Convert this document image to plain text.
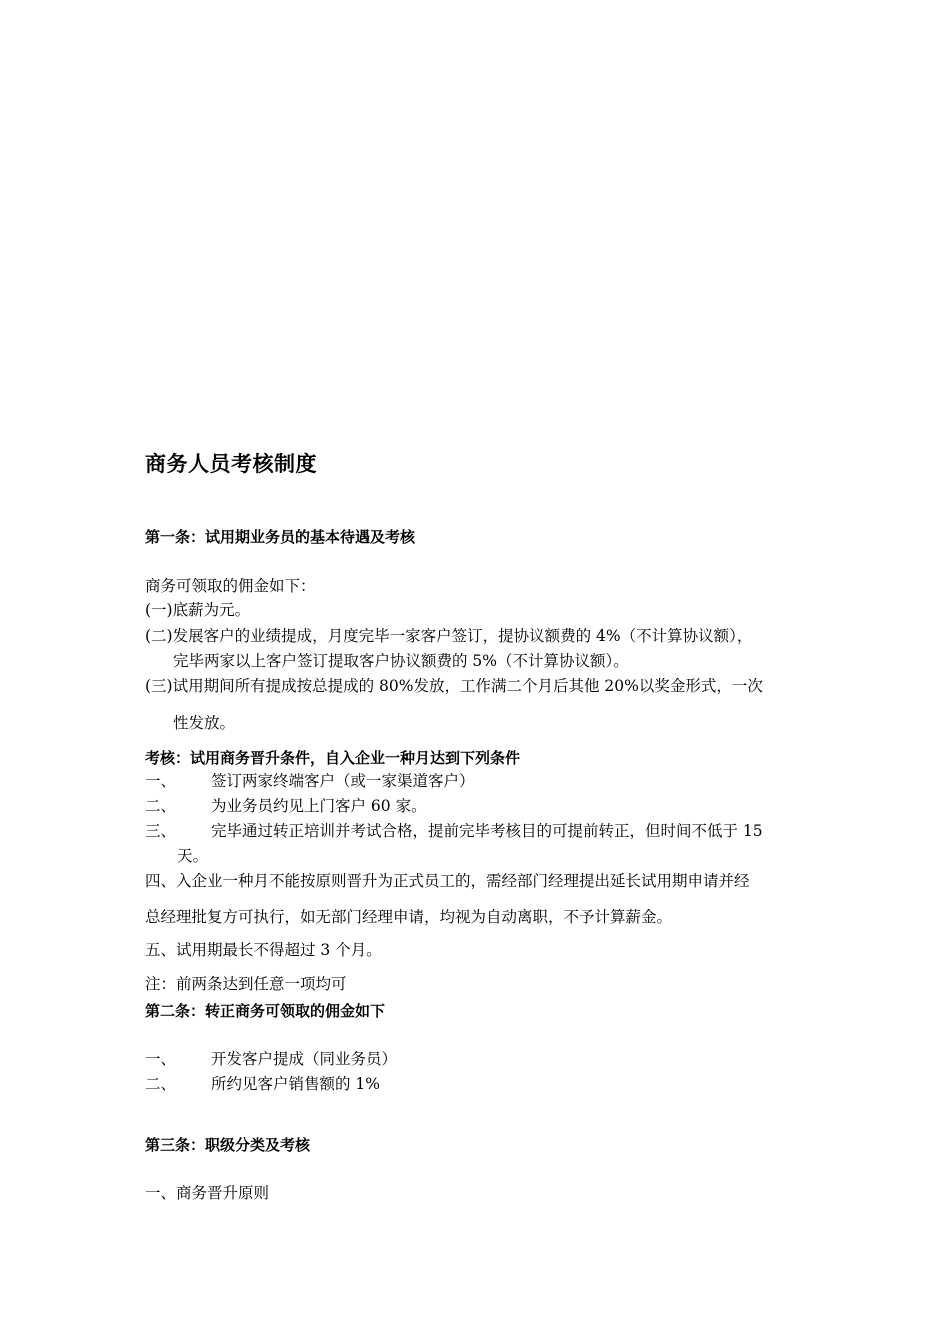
商务人员考核制度
第一条：试用期业务员的基本待遇及考核
商务可领取的佣金如下：
(一)底薪为元。
(二)发展客户的业绩提成，月度完毕一家客户签订，提协议额费的 4%（不计算协议额），
完毕两家以上客户签订提取客户协议额费的 5%（不计算协议额）。
(三)试用期间所有提成按总提成的 80%发放，工作满二个月后其他 20%以奖金形式，一次
性发放。
考核：试用商务晋升条件，自入企业一种月达到下列条件
一、 签订两家终端客户（或一家渠道客户）
二、 为业务员约见上门客户 60 家。
三、 完毕通过转正培训并考试合格，提前完毕考核目的可提前转正，但时间不低于 15
天。
四、入企业一种月不能按原则晋升为正式员工的，需经部门经理提出延长试用期申请并经
总经理批复方可执行，如无部门经理申请，均视为自动离职，不予计算薪金。
五、试用期最长不得超过 3 个月。
注：前两条达到任意一项均可
第二条：转正商务可领取的佣金如下
一、 开发客户提成（同业务员）
二、 所约见客户销售额的 1%
第三条：职级分类及考核
一、商务晋升原则
